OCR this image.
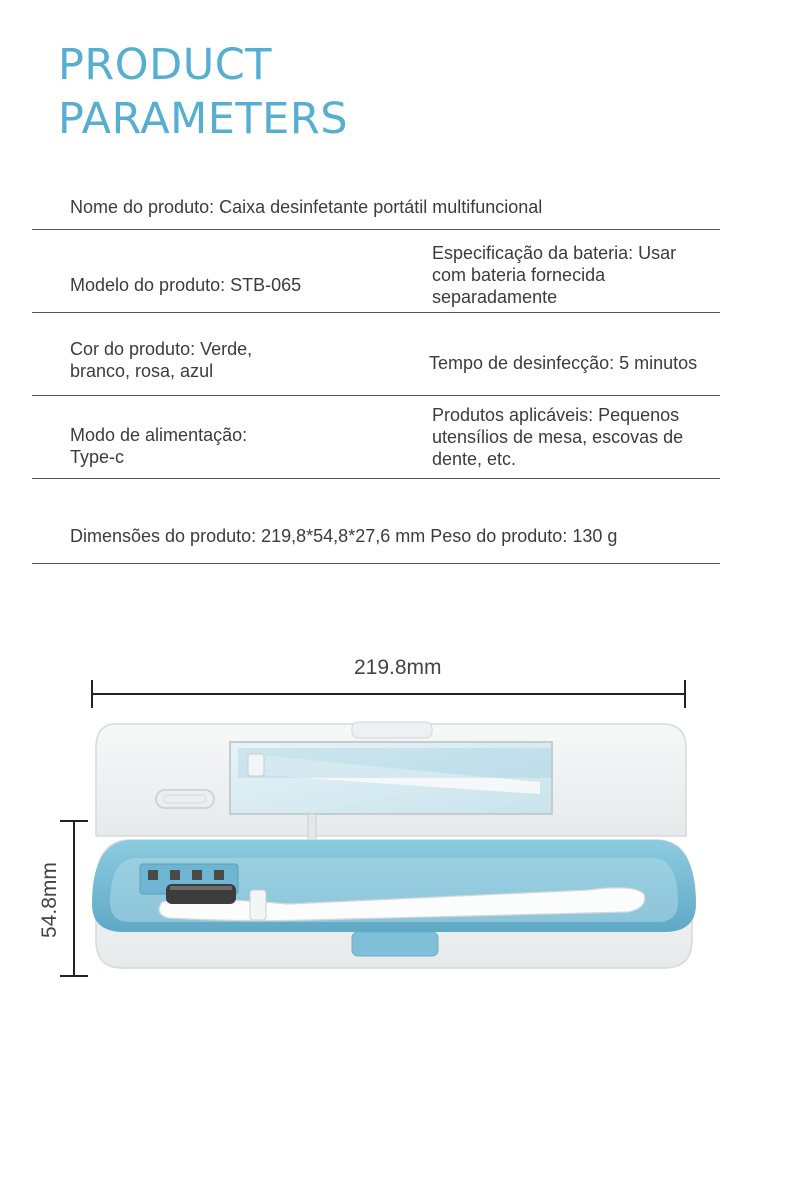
PRODUCT
PARAMETERS
Nome do produto: Caixa desinfetante portátil multifuncional
Modelo do produto: STB-065
Especificação da bateria: Usar
com bateria fornecida
separadamente
Cor do produto: Verde,
branco, rosa, azul	Tempo de desinfecção: 5 minutos
Modo de alimentação:
Type-c
Produtos aplicáveis: Pequenos
utensílios de mesa, escovas de
dente, etc.
Dimensões do produto: 219,8*54,8*27,6 mm Peso do produto: 130 g
219.8mm
54.8mm
